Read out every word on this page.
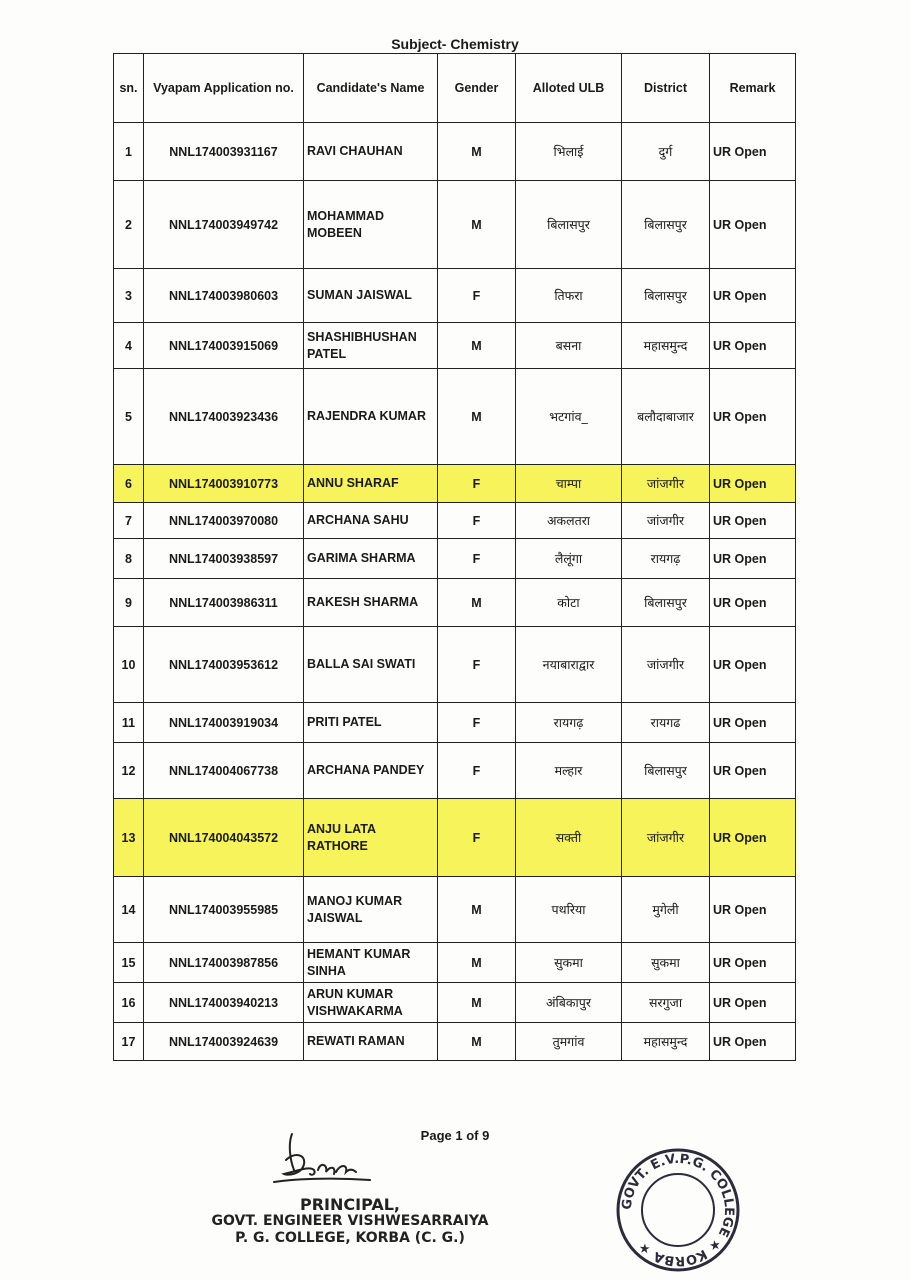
Subject- Chemistry
sn.	Vyapam Application no.	Candidate's Name	Gender	Alloted ULB	District	Remark
1	NNL174003931167	RAVI CHAUHAN	M	भिलाई	दुर्ग	UR Open
2	NNL174003949742	MOHAMMAD MOBEEN	M	बिलासपुर	बिलासपुर	UR Open
3	NNL174003980603	SUMAN JAISWAL	F	तिफरा	बिलासपुर	UR Open
4	NNL174003915069	SHASHIBHUSHAN PATEL	M	बसना	महासमुन्द	UR Open
5	NNL174003923436	RAJENDRA KUMAR	M	भटगांव_	बलौदाबाजार	UR Open
6	NNL174003910773	ANNU SHARAF	F	चाम्पा	जांजगीर	UR Open
7	NNL174003970080	ARCHANA SAHU	F	अकलतरा	जांजगीर	UR Open
8	NNL174003938597	GARIMA SHARMA	F	लैलूंगा	रायगढ़	UR Open
9	NNL174003986311	RAKESH SHARMA	M	कोटा	बिलासपुर	UR Open
10	NNL174003953612	BALLA SAI SWATI	F	नयाबाराद्वार	जांजगीर	UR Open
11	NNL174003919034	PRITI PATEL	F	रायगढ़	रायगढ	UR Open
12	NNL174004067738	ARCHANA PANDEY	F	मल्हार	बिलासपुर	UR Open
13	NNL174004043572	ANJU LATA RATHORE	F	सक्ती	जांजगीर	UR Open
14	NNL174003955985	MANOJ KUMAR JAISWAL	M	पथरिया	मुगेली	UR Open
15	NNL174003987856	HEMANT KUMAR SINHA	M	सुकमा	सुकमा	UR Open
16	NNL174003940213	ARUN KUMAR VISHWAKARMA	M	अंबिकापुर	सरगुजा	UR Open
17	NNL174003924639	REWATI RAMAN	M	तुमगांव	महासमुन्द	UR Open
Page 1 of 9
PRINCIPAL,
GOVT. ENGINEER VISHWESARRAIYA
P. G. COLLEGE, KORBA (C. G.)
GOVT. E.V.P.G. COLLEGE ★ KORBA ★
